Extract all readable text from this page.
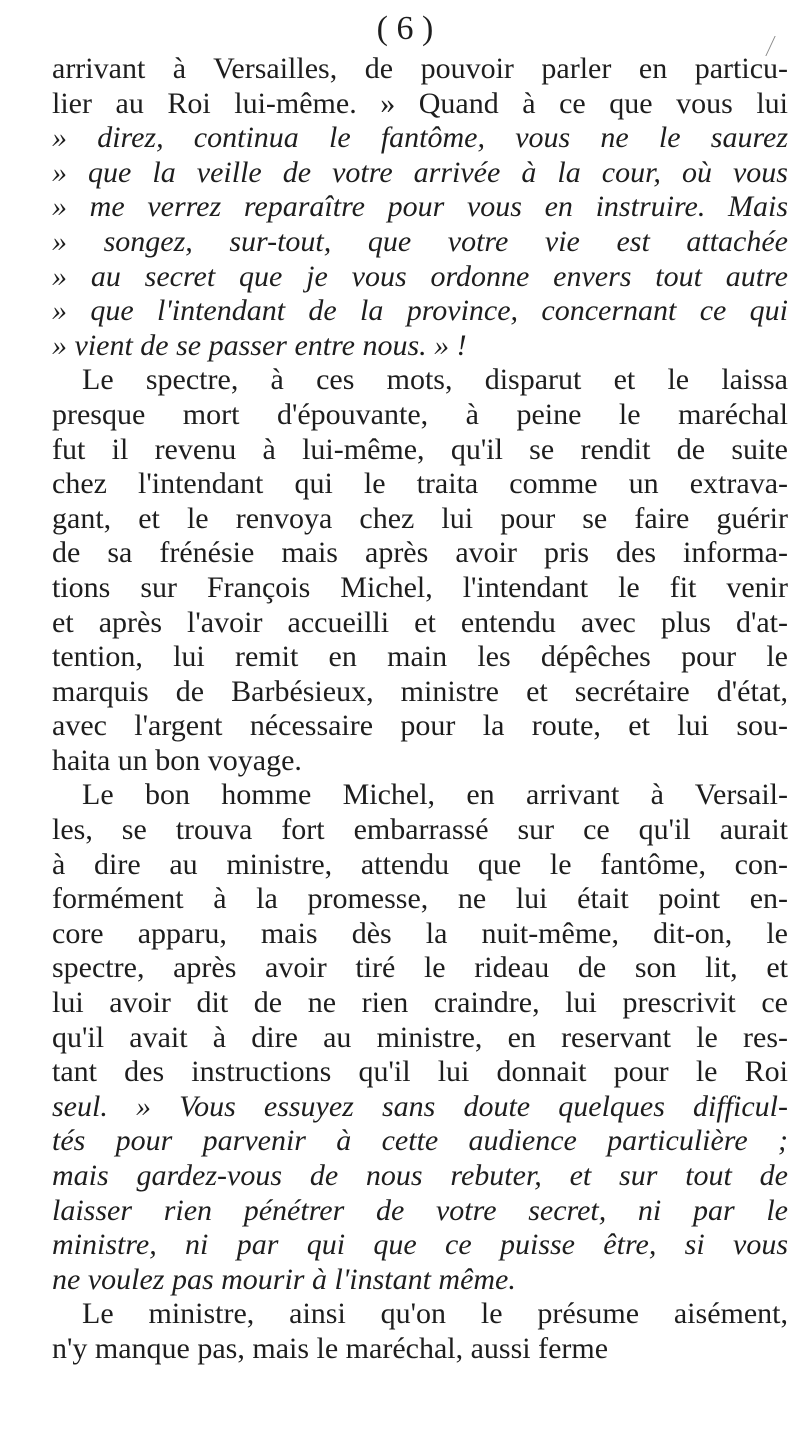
( 6 )
arrivant à Versailles, de pouvoir parler en particu-
lier au Roi lui-même. » Quand à ce que vous lui
» direz, continua le fantôme, vous ne le saurez
» que la veille de votre arrivée à la cour, où vous
» me verrez reparaître pour vous en instruire. Mais
» songez, sur-tout, que votre vie est attachée
» au secret que je vous ordonne envers tout autre
» que l'intendant de la province, concernant ce qui
» vient de se passer entre nous. » !
Le spectre, à ces mots, disparut et le laissa
presque mort d'épouvante, à peine le maréchal
fut il revenu à lui-même, qu'il se rendit de suite
chez l'intendant qui le traita comme un extrava-
gant, et le renvoya chez lui pour se faire guérir
de sa frénésie mais après avoir pris des informa-
tions sur François Michel, l'intendant le fit venir
et après l'avoir accueilli et entendu avec plus d'at-
tention, lui remit en main les dépêches pour le
marquis de Barbésieux, ministre et secrétaire d'état,
avec l'argent nécessaire pour la route, et lui sou-
haita un bon voyage.
Le bon homme Michel, en arrivant à Versail-
les, se trouva fort embarrassé sur ce qu'il aurait
à dire au ministre, attendu que le fantôme, con-
formément à la promesse, ne lui était point en-
core apparu, mais dès la nuit-même, dit-on, le
spectre, après avoir tiré le rideau de son lit, et
lui avoir dit de ne rien craindre, lui prescrivit ce
qu'il avait à dire au ministre, en reservant le res-
tant des instructions qu'il lui donnait pour le Roi
seul. » Vous essuyez sans doute quelques difficul-
tés pour parvenir à cette audience particulière ;
mais gardez-vous de nous rebuter, et sur tout de
laisser rien pénétrer de votre secret, ni par le
ministre, ni par qui que ce puisse être, si vous
ne voulez pas mourir à l'instant même.
Le ministre, ainsi qu'on le présume aisément,
n'y manque pas, mais le maréchal, aussi ferme
